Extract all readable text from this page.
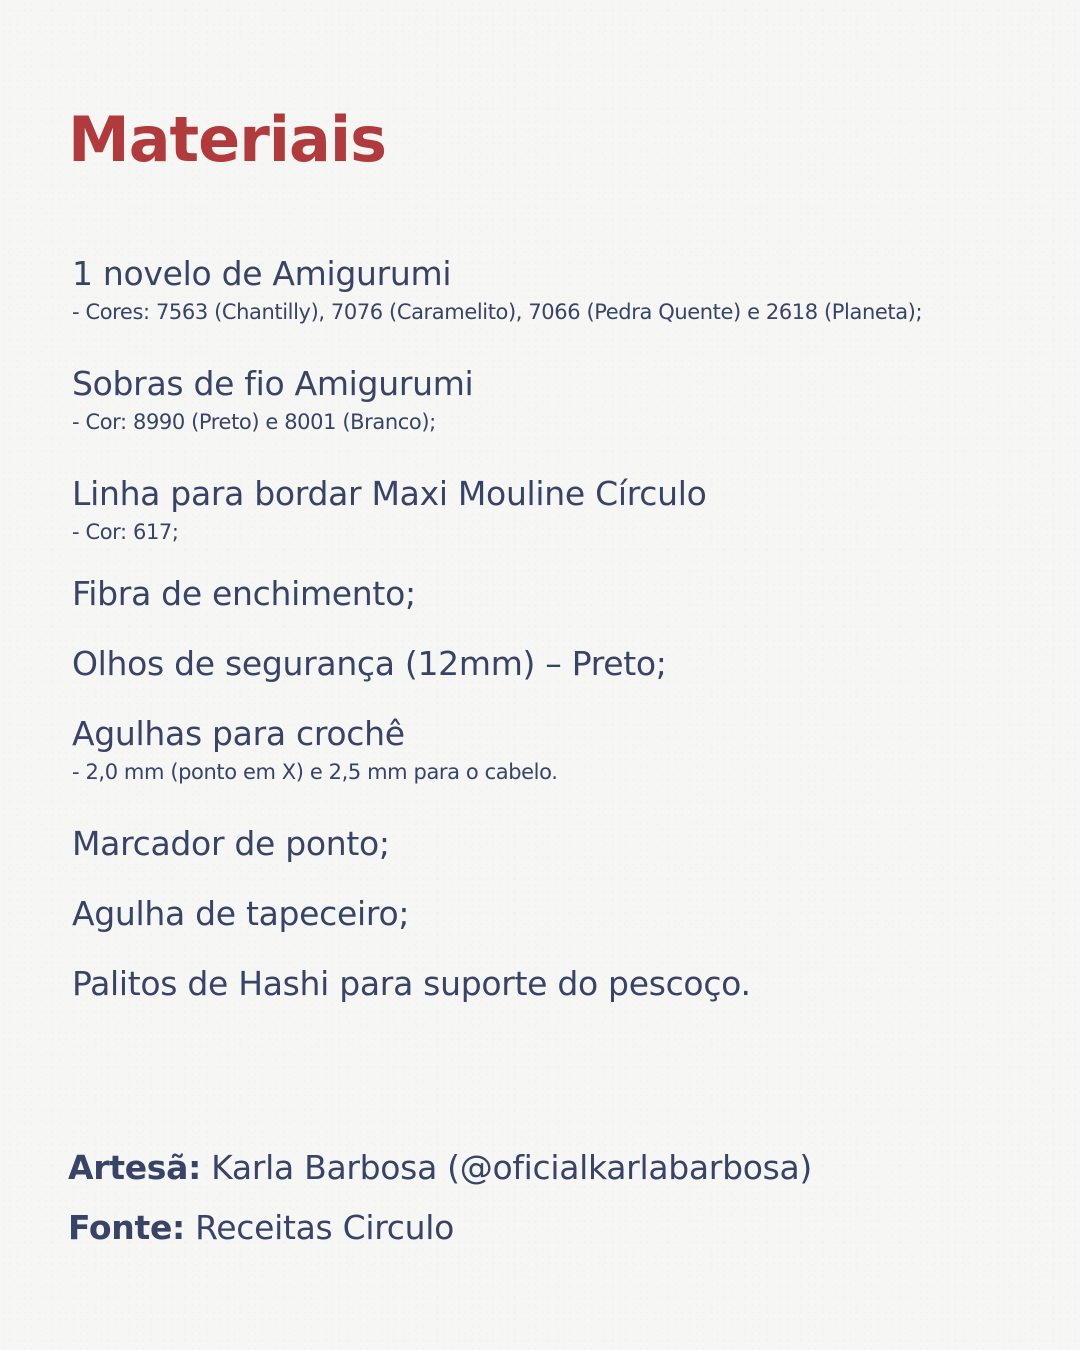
Materiais
1 novelo de Amigurumi
- Cores: 7563 (Chantilly), 7076 (Caramelito), 7066 (Pedra Quente) e 2618 (Planeta);
Sobras de fio Amigurumi
- Cor: 8990 (Preto) e 8001 (Branco);
Linha para bordar Maxi Mouline Círculo
- Cor: 617;
Fibra de enchimento;
Olhos de segurança (12mm) – Preto;
Agulhas para crochê
- 2,0 mm (ponto em X) e 2,5 mm para o cabelo.
Marcador de ponto;
Agulha de tapeceiro;
Palitos de Hashi para suporte do pescoço.
Artesã: Karla Barbosa (@oficialkarlabarbosa)
Fonte: Receitas Circulo
